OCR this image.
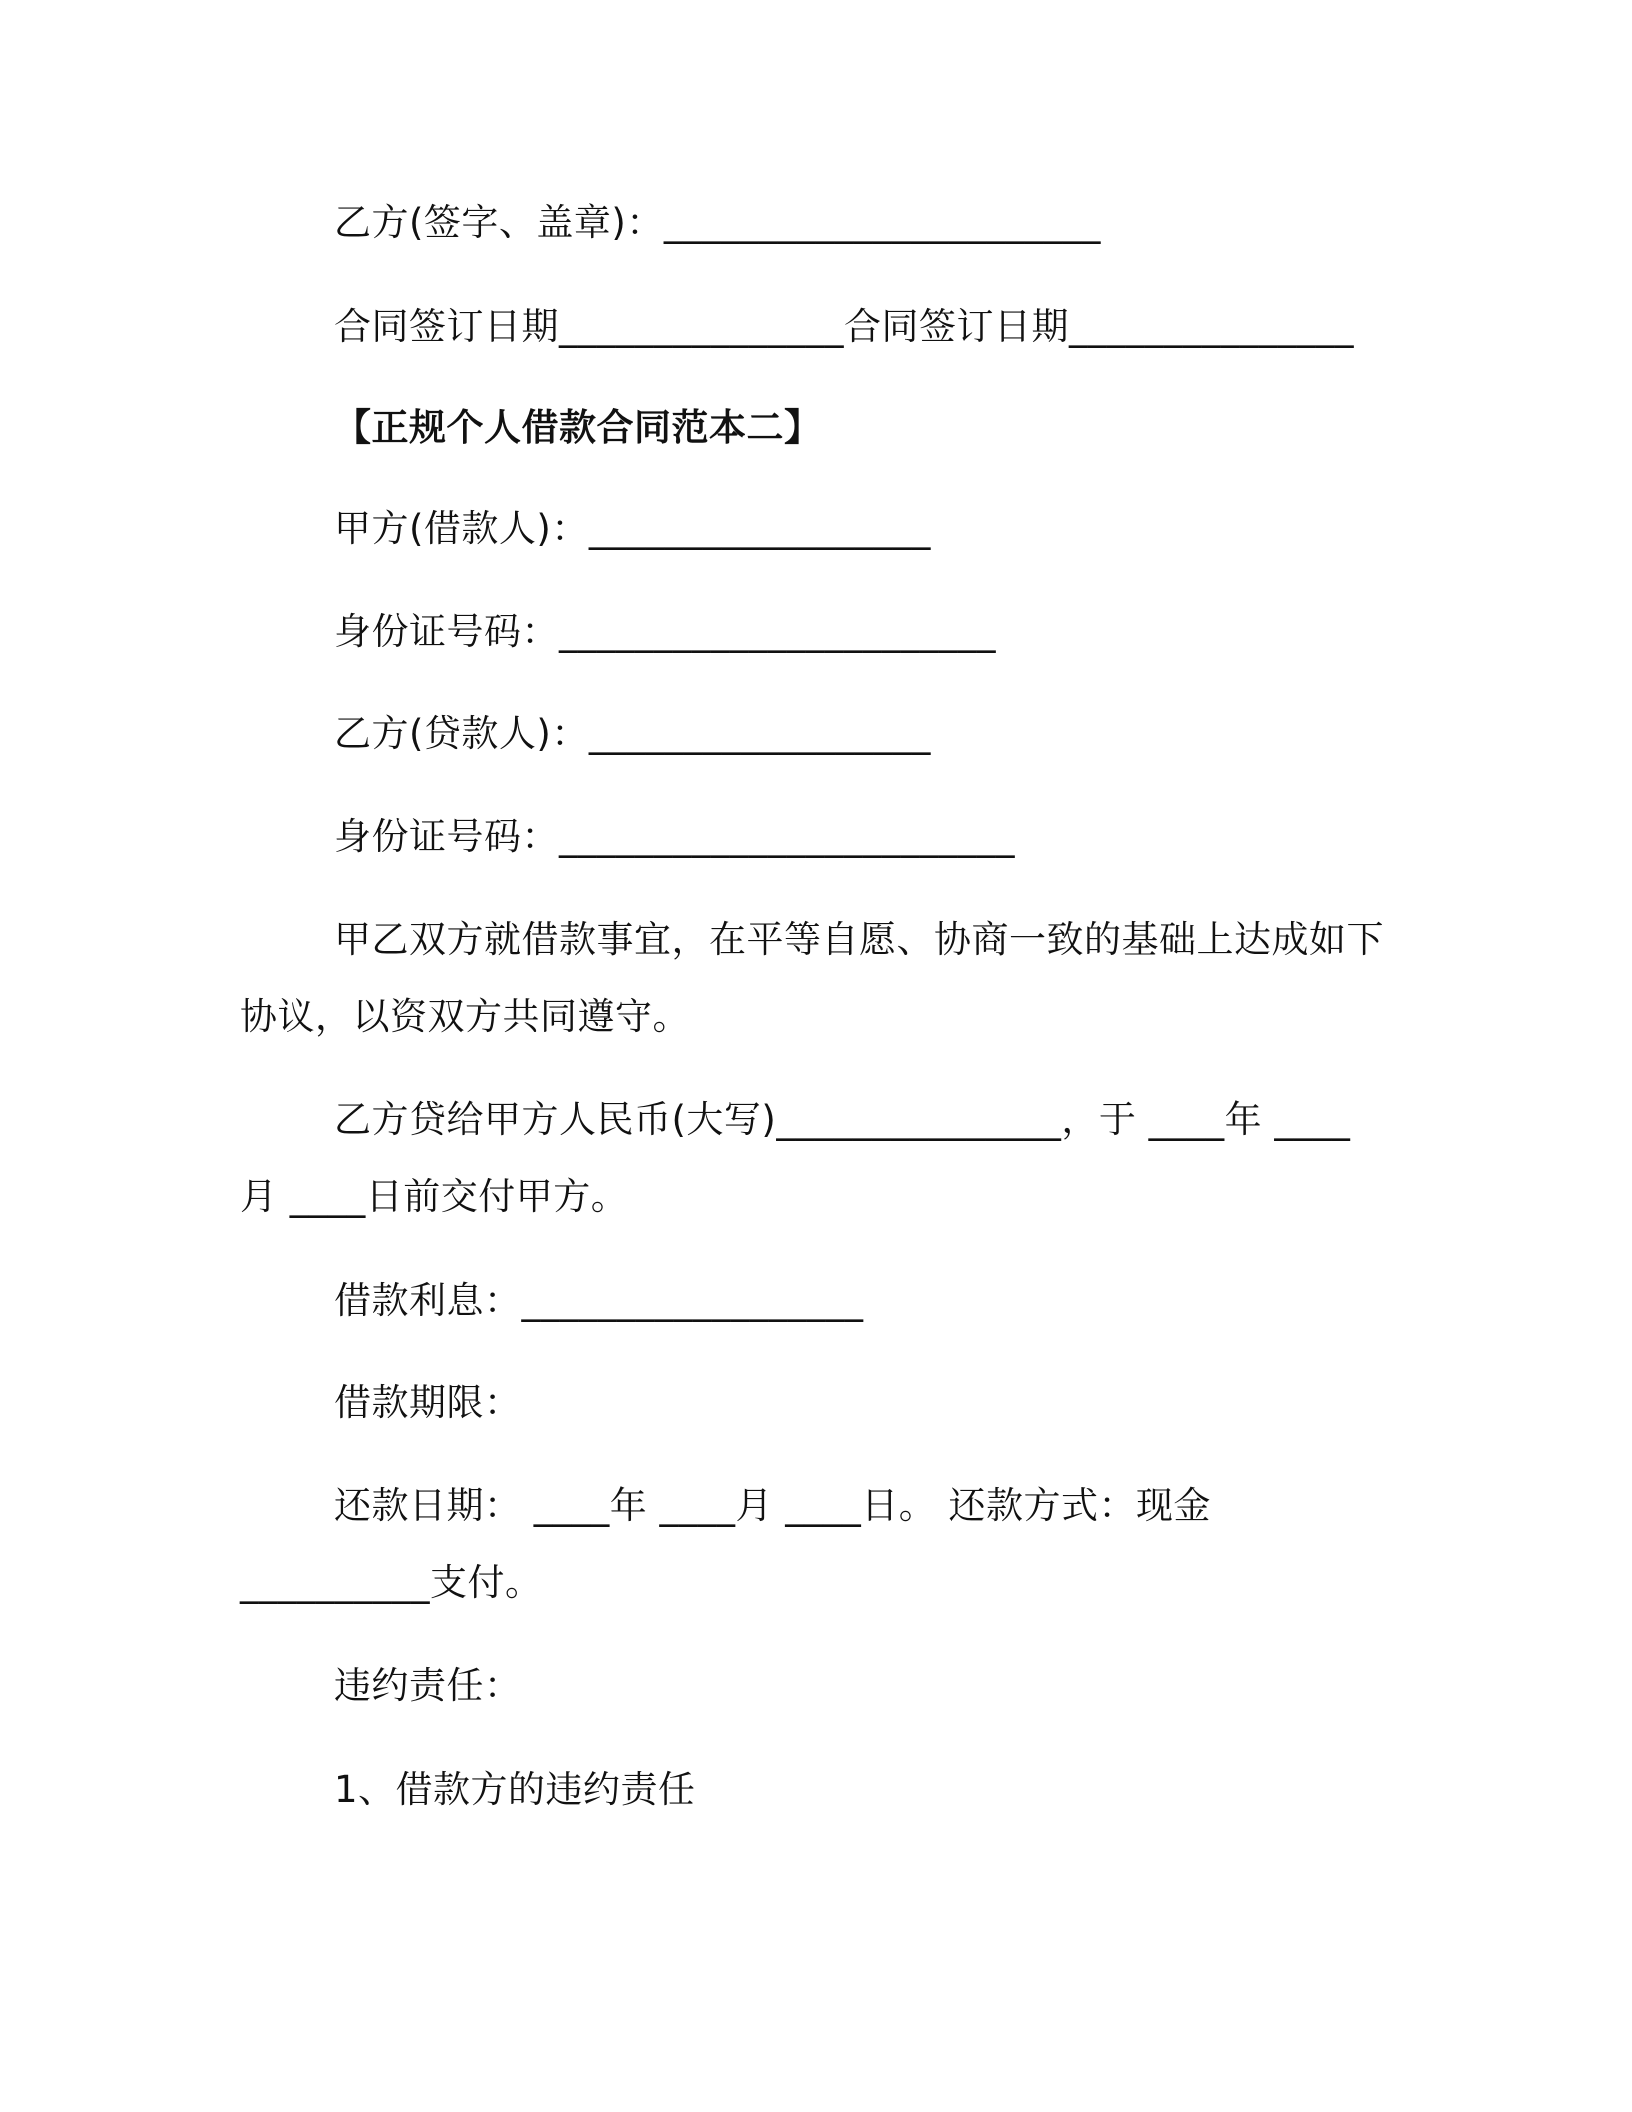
乙方(签字、盖章)：_______________________
合同签订日期_______________合同签订日期_______________
【正规个人借款合同范本二】
甲方(借款人)：__________________
身份证号码：_______________________
乙方(贷款人)：__________________
身份证号码：________________________
甲乙双方就借款事宜，在平等自愿、协商一致的基础上达成如下
协议，以资双方共同遵守。
乙方贷给甲方人民币(大写)_______________，于 ____年 ____
月 ____日前交付甲方。
借款利息：__________________
借款期限：
还款日期： ____年 ____月 ____日。 还款方式：现金
__________支付。
违约责任：
1、借款方的违约责任
